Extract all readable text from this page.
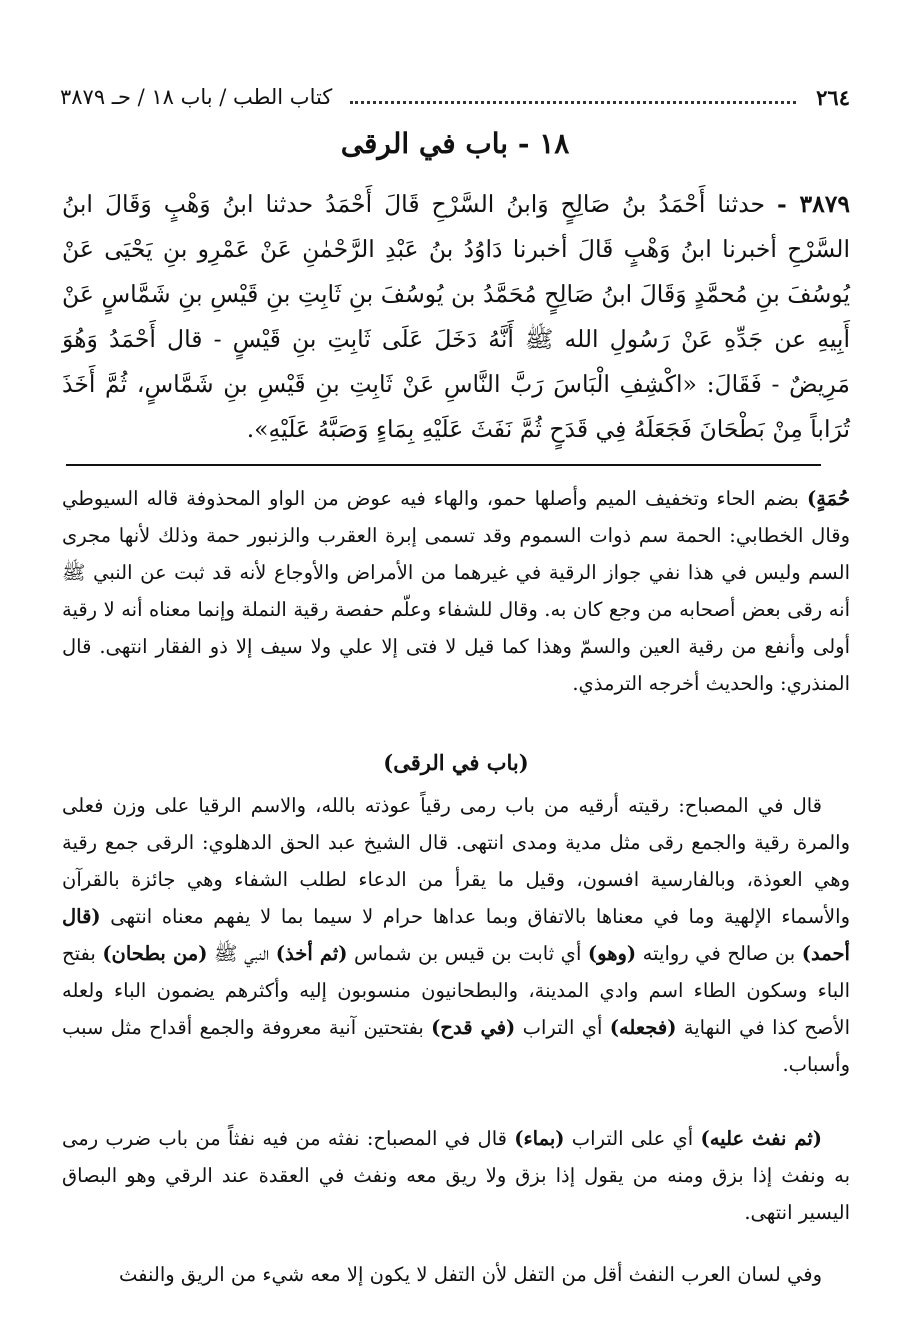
٢٦٤
كتاب الطب / باب ١٨ / حـ ٣٨٧٩
١٨ - باب في الرقى
٣٨٧٩ - حدثنا أَحْمَدُ بنُ صَالِحٍ وَابنُ السَّرْحِ قَالَ أَحْمَدُ حدثنا ابنُ وَهْبٍ وَقَالَ ابنُ السَّرْحِ أخبرنا ابنُ وَهْبٍ قَالَ أخبرنا دَاوُدُ بنُ عَبْدِ الرَّحْمٰنِ عَنْ عَمْرِو بنِ يَحْيَى عَنْ يُوسُفَ بنِ مُحمَّدٍ وَقَالَ ابنُ صَالِحٍ مُحَمَّدُ بن يُوسُفَ بنِ ثَابِتِ بنِ قَيْسِ بنِ شَمَّاسٍ عَنْ أَبِيهِ عن جَدِّهِ عَنْ رَسُولِ الله ﷺ أَنَّهُ دَخَلَ عَلَى ثَابِتِ بنِ قَيْسٍ - قال أَحْمَدُ وَهُوَ مَرِيضٌ - فَقَالَ: «اكْشِفِ الْبَاسَ رَبَّ النَّاسِ عَنْ ثَابِتِ بنِ قَيْسِ بنِ شَمَّاسٍ، ثُمَّ أَخَذَ تُرَاباً مِنْ بَطْحَانَ فَجَعَلَهُ فِي قَدَحٍ ثُمَّ نَفَثَ عَلَيْهِ بِمَاءٍ وَصَبَّهُ عَلَيْهِ».

حُمَةٍ) بضم الحاء وتخفيف الميم وأصلها حمو، والهاء فيه عوض من الواو المحذوفة قاله السيوطي وقال الخطابي: الحمة سم ذوات السموم وقد تسمى إبرة العقرب والزنبور حمة وذلك لأنها مجرى السم وليس في هذا نفي جواز الرقية في غيرهما من الأمراض والأوجاع لأنه قد ثبت عن النبي ﷺ أنه رقى بعض أصحابه من وجع كان به. وقال للشفاء وعلّم حفصة رقية النملة وإنما معناه أنه لا رقية أولى وأنفع من رقية العين والسمّ وهذا كما قيل لا فتى إلا علي ولا سيف إلا ذو الفقار انتهى. قال المنذري: والحديث أخرجه الترمذي.

(باب في الرقى)

قال في المصباح: رقيته أرقيه من باب رمى رقياً عوذته بالله، والاسم الرقيا على وزن فعلى والمرة رقية والجمع رقى مثل مدية ومدى انتهى. قال الشيخ عبد الحق الدهلوي: الرقى جمع رقية وهي العوذة، وبالفارسية افسون، وقيل ما يقرأ من الدعاء لطلب الشفاء وهي جائزة بالقرآن والأسماء الإلهية وما في معناها بالاتفاق وبما عداها حرام لا سيما بما لا يفهم معناه انتهى (قال أحمد) بن صالح في روايته (وهو) أي ثابت بن قيس بن شماس (ثم أخذ) النبي ﷺ (من بطحان) بفتح الباء وسكون الطاء اسم وادي المدينة، والبطحانيون منسوبون إليه وأكثرهم يضمون الباء ولعله الأصح كذا في النهاية (فجعله) أي التراب (في قدح) بفتحتين آنية معروفة والجمع أقداح مثل سبب وأسباب.

(ثم نفث عليه) أي على التراب (بماء) قال في المصباح: نفثه من فيه نفثاً من باب ضرب رمى به ونفث إذا بزق ومنه من يقول إذا بزق ولا ريق معه ونفث في العقدة عند الرقي وهو البصاق اليسير انتهى.

وفي لسان العرب النفث أقل من التفل لأن التفل لا يكون إلا معه شيء من الريق والنفث
